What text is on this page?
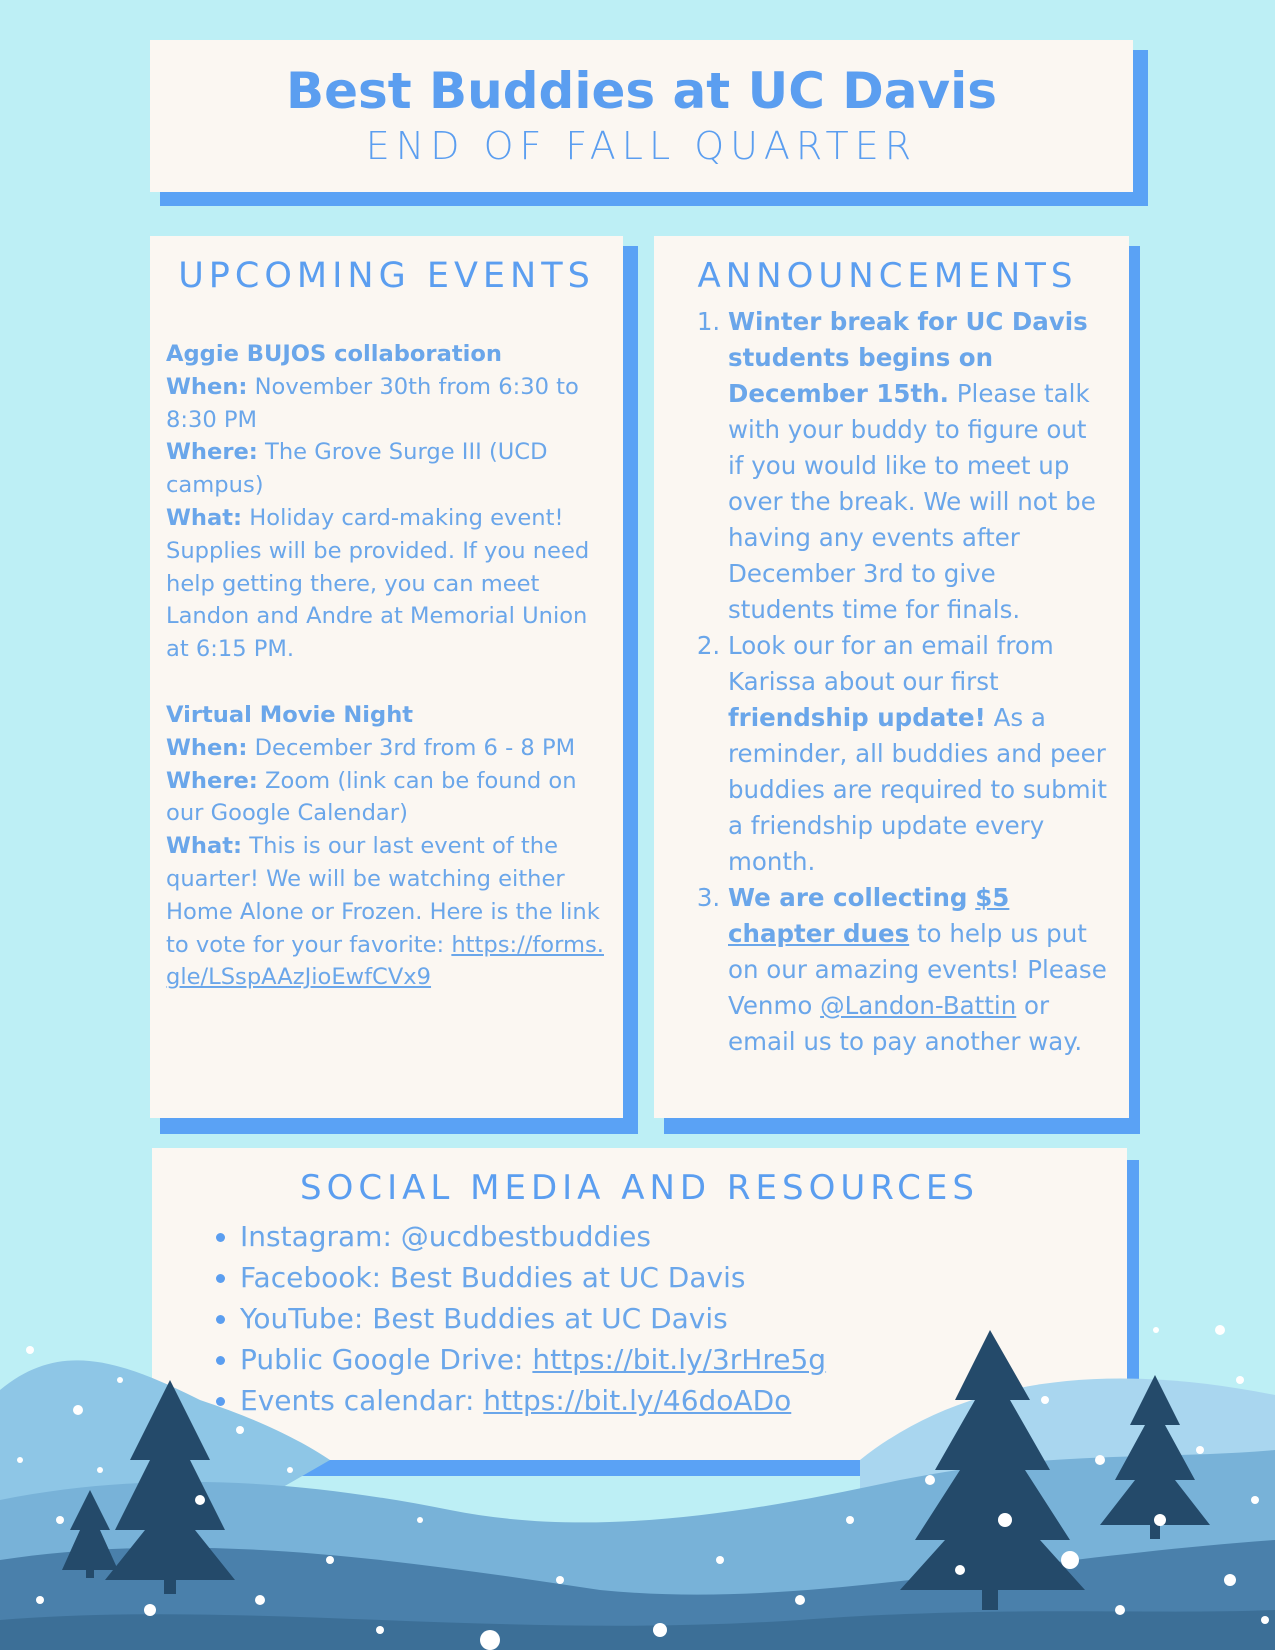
Best Buddies at UC Davis
END OF FALL QUARTER
UPCOMING EVENTS
Aggie BUJOS collaboration
When: November 30th from 6:30 to 8:30 PM
Where: The Grove Surge III (UCD campus)
What: Holiday card-making event! Supplies will be provided. If you need help getting there, you can meet Landon and Andre at Memorial Union at 6:15 PM.
Virtual Movie Night
When: December 3rd from 6 - 8 PM
Where: Zoom (link can be found on our Google Calendar)
What: This is our last event of the quarter! We will be watching either Home Alone or Frozen. Here is the link to vote for your favorite: https://forms.gle/LSspAAzJioEwfCVx9
ANNOUNCEMENTS
1. Winter break for UC Davis students begins on December 15th. Please talk with your buddy to figure out if you would like to meet up over the break. We will not be having any events after December 3rd to give students time for finals.
2. Look our for an email from Karissa about our first friendship update! As a reminder, all buddies and peer buddies are required to submit a friendship update every month.
3. We are collecting $5 chapter dues to help us put on our amazing events! Please Venmo @Landon-Battin or email us to pay another way.
SOCIAL MEDIA AND RESOURCES
• Instagram: @ucdbestbuddies
• Facebook: Best Buddies at UC Davis
• YouTube: Best Buddies at UC Davis
• Public Google Drive: https://bit.ly/3rHre5g
• Events calendar: https://bit.ly/46doADo
